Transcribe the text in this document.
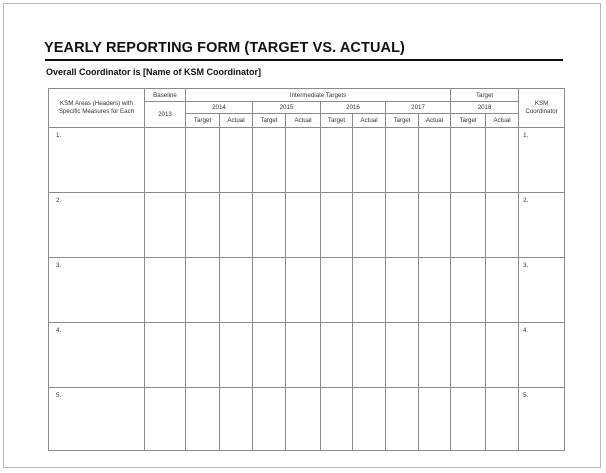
YEARLY REPORTING FORM (TARGET VS. ACTUAL)

Overall Coordinator is [Name of KSM Coordinator]

KSM Areas (Headers) with Specific Measures for Each	Baseline	Intermediate Targets								Target		KSM Coordinator
	2013	2014		2015		2016		2017		2018		
		Target	Actual	Target	Actual	Target	Actual	Target	Actual	Target	Actual	
1.												1.
2.												2.
3.												3.
4.												4.
5.												5.
